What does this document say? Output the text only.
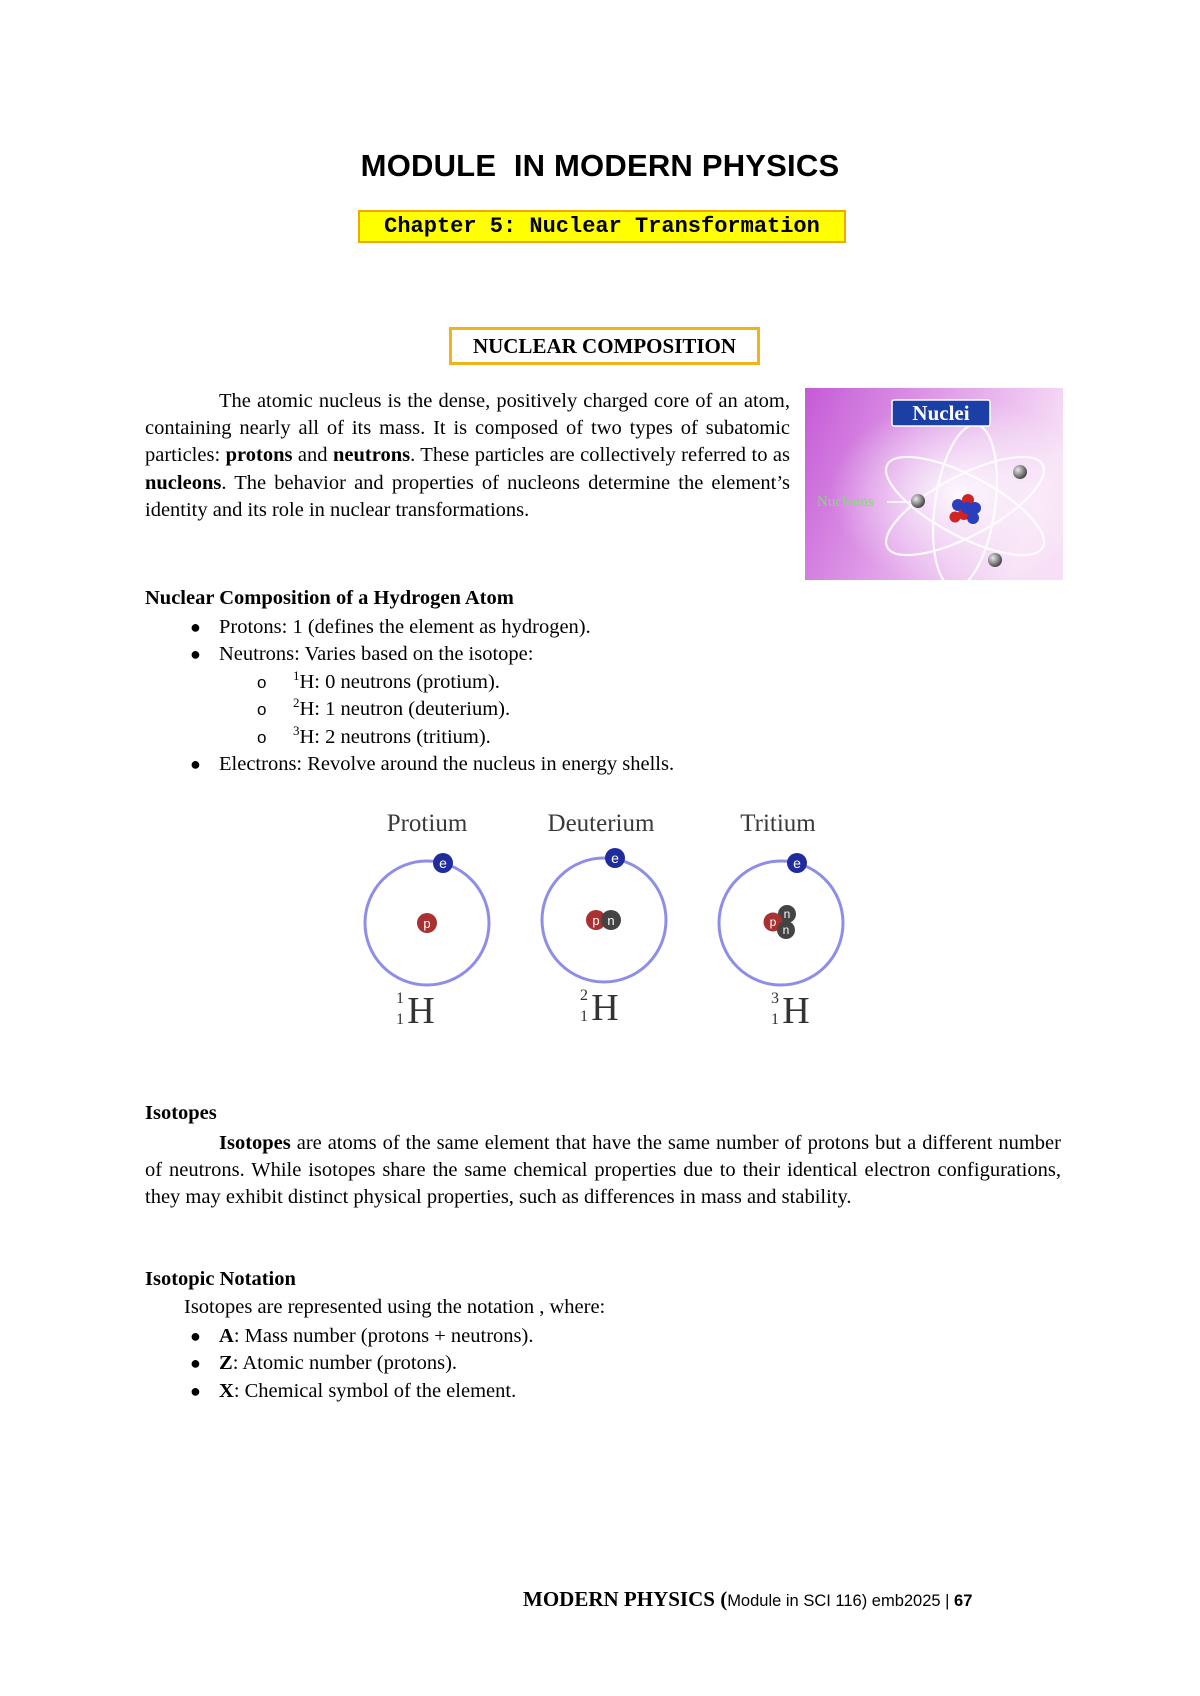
MODULE  IN MODERN PHYSICS
Chapter 5: Nuclear Transformation
NUCLEAR COMPOSITION

The atomic nucleus is the dense, positively charged core of an atom, containing nearly all of its mass. It is composed of two types of subatomic particles: protons and neutrons. These particles are collectively referred to as nucleons. The behavior and properties of nucleons determine the element’s identity and its role in nuclear transformations.

Nuclei
Nucleons
Nuclear Composition of a Hydrogen Atom
● Protons: 1 (defines the element as hydrogen).
● Neutrons: Varies based on the isotope:
o $^1$H: 0 neutrons (protium).
o $^2$H: 1 neutron (deuterium).
o $^3$H: 2 neutrons (tritium).
● Electrons: Revolve around the nucleus in energy shells.
Protium
e
p
1
1 H
Deuterium
e
p n
2
1 H
Tritium
e
n
p
n
3
1 H
Isotopes

Isotopes are atoms of the same element that have the same number of protons but a different number of neutrons. While isotopes share the same chemical properties due to their identical electron configurations, they may exhibit distinct physical properties, such as differences in mass and stability.

Isotopic Notation
Isotopes are represented using the notation , where:
● A: Mass number (protons + neutrons).
● Z: Atomic number (protons).
● X: Chemical symbol of the element.
MODERN PHYSICS (Module in SCI 116) emb2025 | 67
